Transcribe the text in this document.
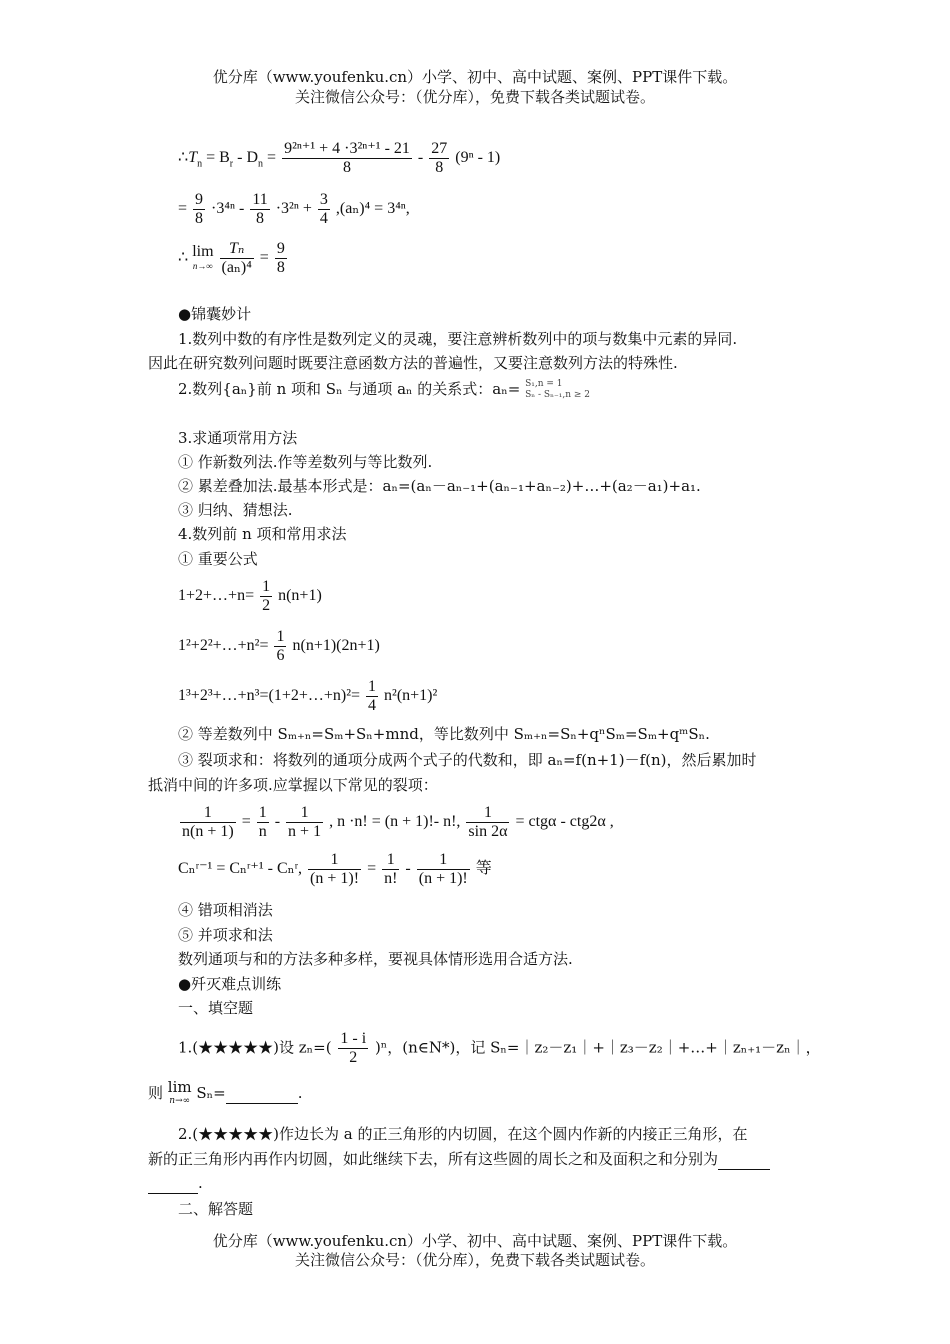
优分库（www.youfenku.cn）小学、初中、高中试题、案例、PPT课件下载。
关注微信公众号：（优分库），免费下载各类试题试卷。
$\therefore T_n = B_r - D_n = \frac{\text{9²ⁿ⁺¹ + 4 ·3²ⁿ⁺¹ - 21}}{8} - \frac{27}{8} (9^n - 1)$
= $\frac{9}{8} \cdot 3^{4n} - \frac{11}{8} \cdot 3^{2n} + \frac{3}{4} ,(a_n)^4 = 3^{4n}$,
∴ lim
n→∞
$\frac{\text{Tₙ}}{\text{(aₙ)⁴}} = \frac{9}{8}$
●锦囊妙计
1.数列中数的有序性是数列定义的灵魂，要注意辨析数列中的项与数集中元素的异同.
因此在研究数列问题时既要注意函数方法的普遍性，又要注意数列方法的特殊性.
2.数列{aₙ}前 n 项和 Sₙ 与通项 aₙ 的关系式：aₙ= S₁,n = 1
Sₙ - Sₙ₋₁,n ≥ 2
3.求通项常用方法
① 作新数列法.作等差数列与等比数列.
② 累差叠加法.最基本形式是：aₙ=(aₙ－aₙ₋₁+(aₙ₋₁+aₙ₋₂)+…+(a₂－a₁)+a₁.
③ 归纳、猜想法.
4.数列前 n 项和常用求法
① 重要公式
1+2+…+n= $\frac{1}{2} n(n+1)$
1²+2²+…+n²= $\frac{1}{6} n(n+1)(2n+1)$
1³+2³+…+n³=(1+2+…+n)²= $\frac{1}{4} n^2(n+1)^2$
② 等差数列中 Sₘ₊ₙ=Sₘ+Sₙ+mnd，等比数列中 Sₘ₊ₙ=Sₙ+qⁿSₘ=Sₘ+qᵐSₙ.
③ 裂项求和：将数列的通项分成两个式子的代数和，即 aₙ=f(n+1)－f(n)，然后累加时
抵消中间的许多项.应掌握以下常见的裂项：
$\frac{1}{n(n + 1)} = \frac{1}{n} - \frac{1}{n + 1}$ , n ·n! = (n + 1)!- n!, $\frac{1}{\sin 2\alpha} = ctg\alpha - ctg2\alpha$ ,
Cₙʳ⁻¹ = Cₙʳ⁺¹ - Cₙʳ, $\frac{1}{(n + 1)!} = \frac{1}{n!} - \frac{1}{(n + 1)!}$ 等
④ 错项相消法
⑤ 并项求和法
数列通项与和的方法多种多样，要视具体情形选用合适方法.
●歼灭难点训练
一、填空题
1.(★★★★★)设 $z_n=( \frac{1 - i}{2} )^n$，(n∈N*)，记 Sₙ=｜z₂－z₁｜+｜z₃－z₂｜+…+｜zₙ₊₁－zₙ｜，
则 lim
n→∞ Sₙ=	.
2.(★★★★★)作边长为 a 的正三角形的内切圆，在这个圆内作新的内接正三角形，在
新的正三角形内再作内切圆，如此继续下去，所有这些圆的周长之和及面积之和分别为
.
二、解答题
优分库（www.youfenku.cn）小学、初中、高中试题、案例、PPT课件下载。
关注微信公众号：（优分库），免费下载各类试题试卷。
